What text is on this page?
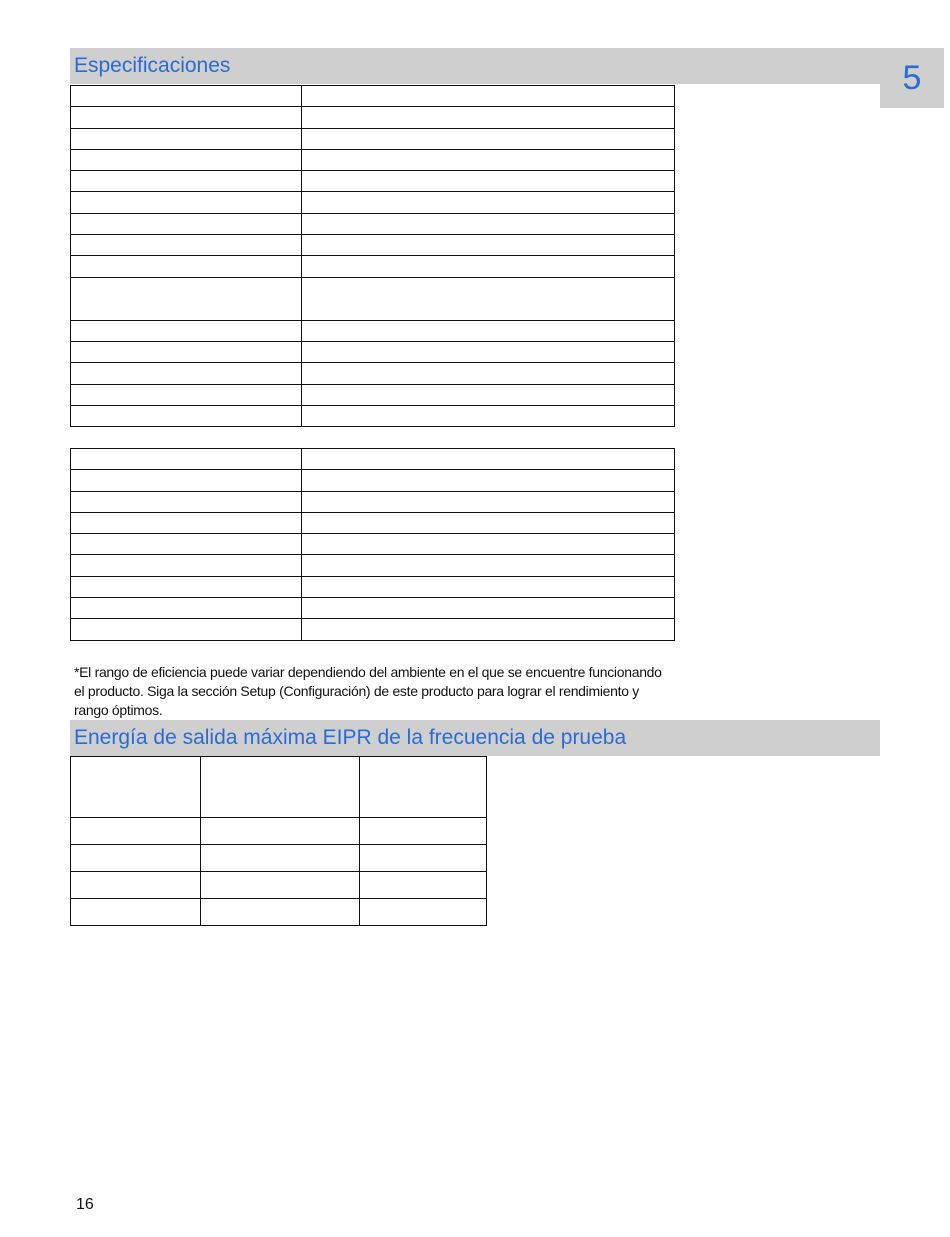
Especificaciones	5

*El rango de eficiencia puede variar dependiendo del ambiente en el que se encuentre funcionando el producto. Siga la sección Setup (Configuración) de este producto para lograr el rendimiento y rango óptimos.

Energía de salida máxima EIPR de la frecuencia de prueba

16
